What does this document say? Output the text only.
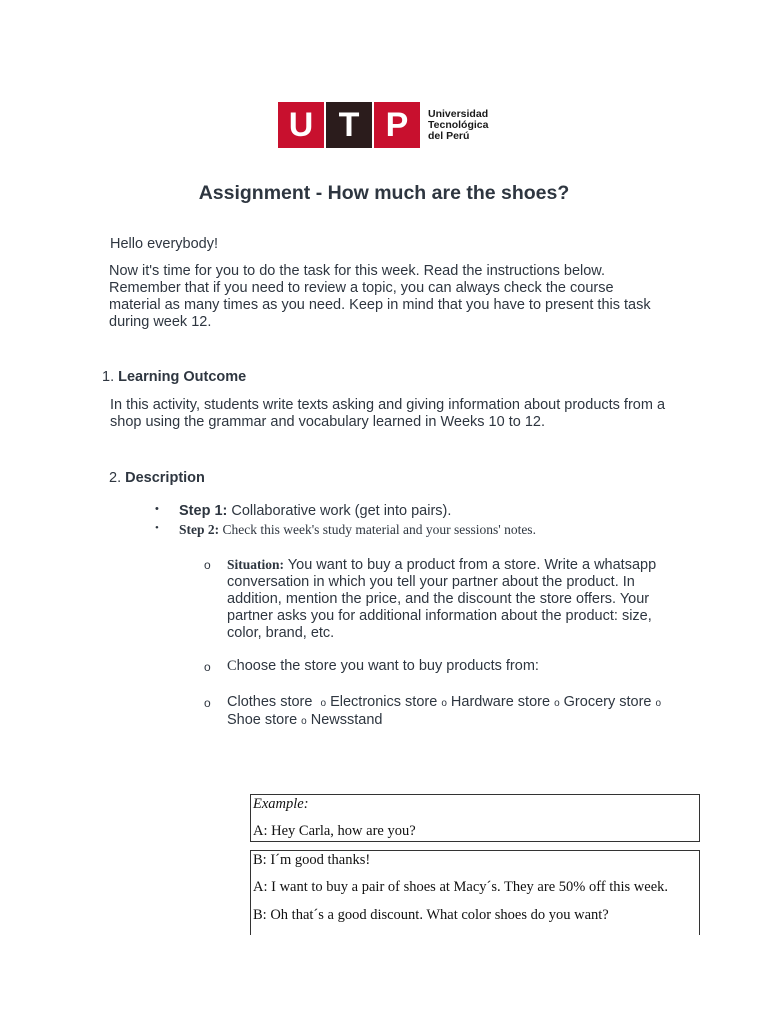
U T P	Universidad
Tecnológica
del Perú
Assignment - How much are the shoes?
Hello everybody!
Now it's time for you to do the task for this week. Read the instructions below. Remember that if you need to review a topic, you can always check the course material as many times as you need. Keep in mind that you have to present this task during week 12.
1. Learning Outcome
In this activity, students write texts asking and giving information about products from a shop using the grammar and vocabulary learned in Weeks 10 to 12.
2. Description
• Step 1: Collaborative work (get into pairs).
• Step 2: Check this week's study material and your sessions' notes.
o Situation: You want to buy a product from a store. Write a whatsapp conversation in which you tell your partner about the product. In addition, mention the price, and the discount the store offers. Your partner asks you for additional information about the product: size, color, brand, etc.
o Choose the store you want to buy products from:
o Clothes store o Electronics store o Hardware store o Grocery store o Shoe store o Newsstand
Example:
A: Hey Carla, how are you?
B: I´m good thanks!
A: I want to buy a pair of shoes at Macy´s. They are 50% off this week.
B: Oh that´s a good discount. What color shoes do you want?
